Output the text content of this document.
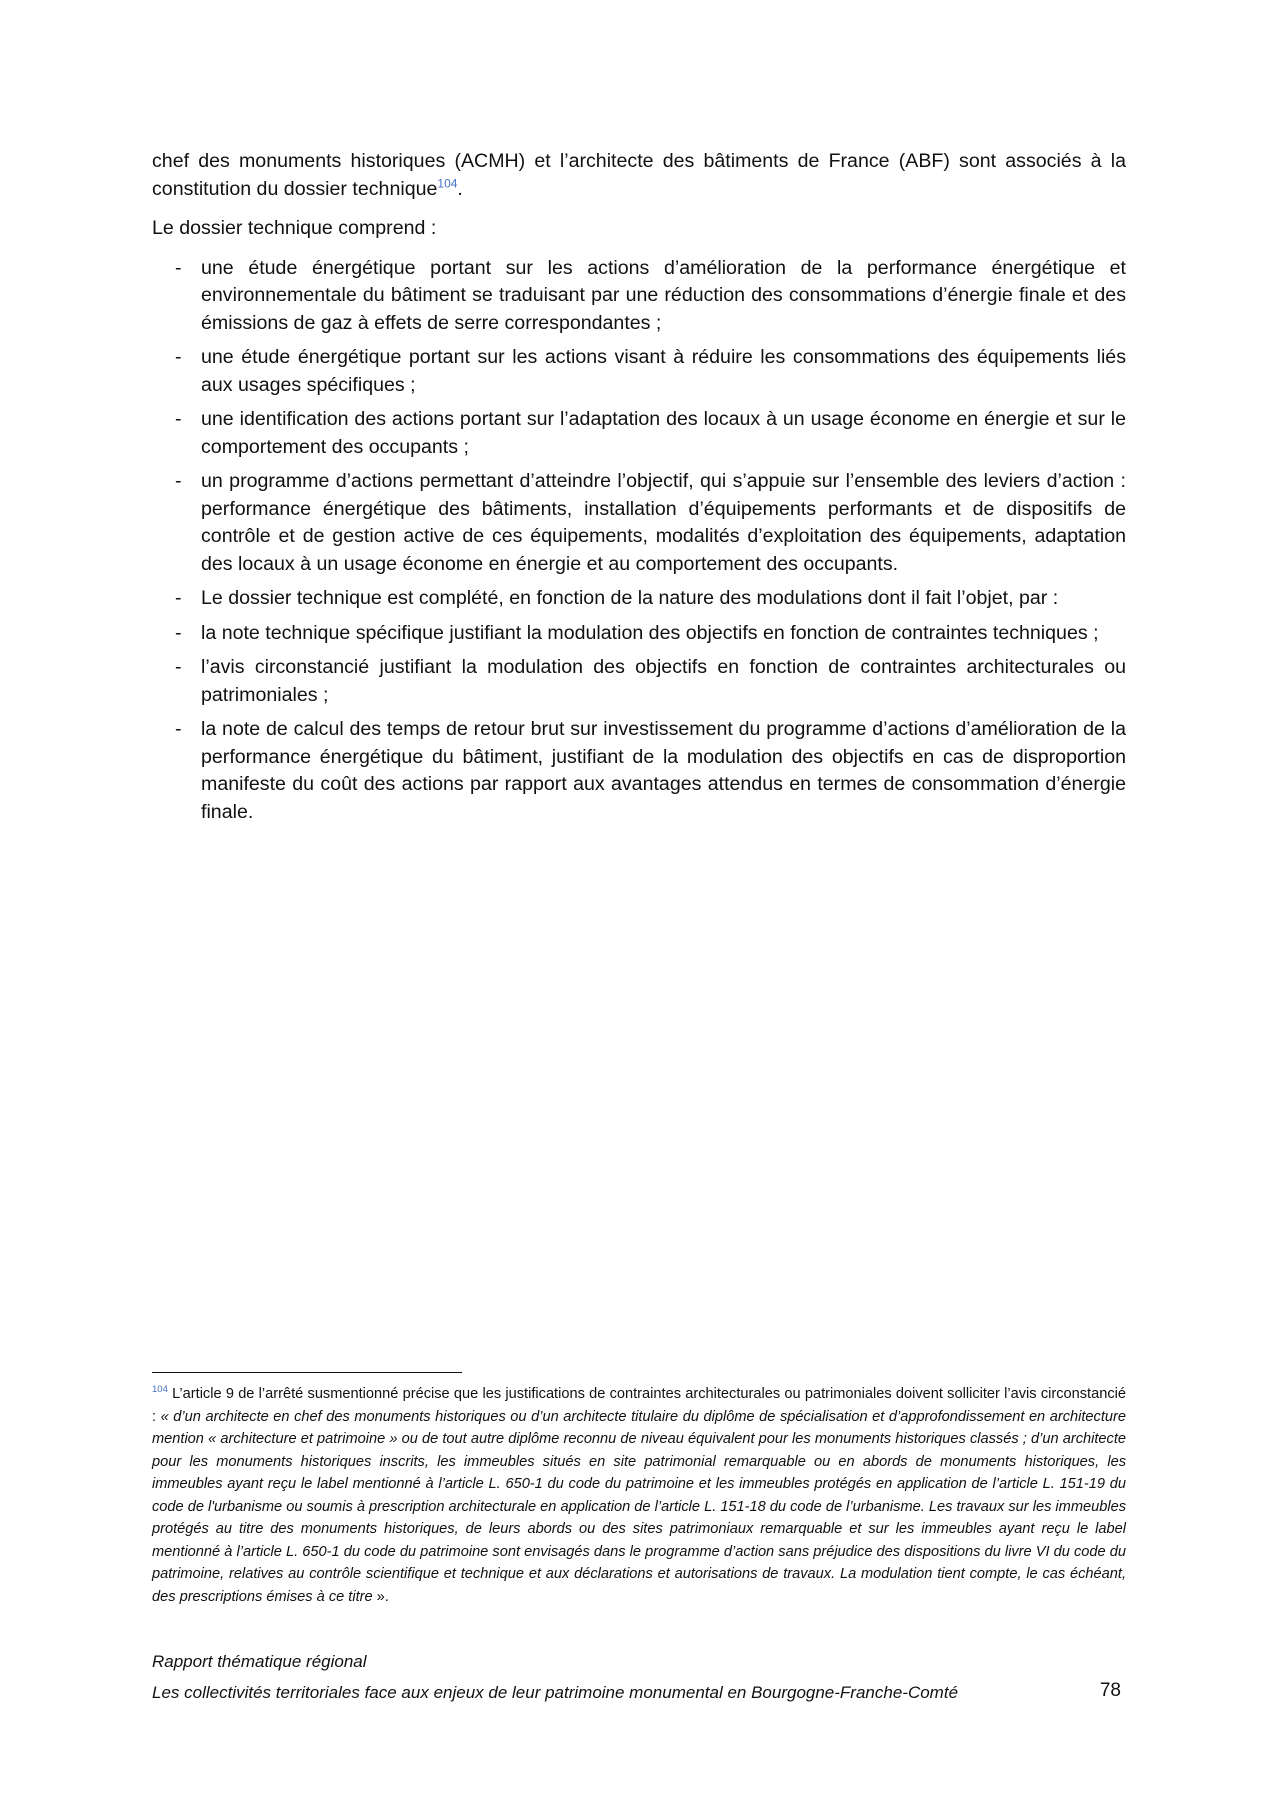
chef des monuments historiques (ACMH) et l’architecte des bâtiments de France (ABF) sont associés à la constitution du dossier technique$^{104}$.

Le dossier technique comprend :

- une étude énergétique portant sur les actions d’amélioration de la performance énergétique et environnementale du bâtiment se traduisant par une réduction des consommations d’énergie finale et des émissions de gaz à effets de serre correspondantes ;
- une étude énergétique portant sur les actions visant à réduire les consommations des équipements liés aux usages spécifiques ;
- une identification des actions portant sur l’adaptation des locaux à un usage économe en énergie et sur le comportement des occupants ;
- un programme d’actions permettant d’atteindre l’objectif, qui s’appuie sur l’ensemble des leviers d’action : performance énergétique des bâtiments, installation d’équipements performants et de dispositifs de contrôle et de gestion active de ces équipements, modalités d’exploitation des équipements, adaptation des locaux à un usage économe en énergie et au comportement des occupants.
- Le dossier technique est complété, en fonction de la nature des modulations dont il fait l’objet, par :
- la note technique spécifique justifiant la modulation des objectifs en fonction de contraintes techniques ;
- l’avis circonstancié justifiant la modulation des objectifs en fonction de contraintes architecturales ou patrimoniales ;
- la note de calcul des temps de retour brut sur investissement du programme d’actions d’amélioration de la performance énergétique du bâtiment, justifiant de la modulation des objectifs en cas de disproportion manifeste du coût des actions par rapport aux avantages attendus en termes de consommation d’énergie finale.
$^{104}$ L’article 9 de l’arrêté susmentionné précise que les justifications de contraintes architecturales ou patrimoniales doivent solliciter l’avis circonstancié : « d’un architecte en chef des monuments historiques ou d’un architecte titulaire du diplôme de spécialisation et d’approfondissement en architecture mention « architecture et patrimoine » ou de tout autre diplôme reconnu de niveau équivalent pour les monuments historiques classés ; d’un architecte pour les monuments historiques inscrits, les immeubles situés en site patrimonial remarquable ou en abords de monuments historiques, les immeubles ayant reçu le label mentionné à l’article L. 650-1 du code du patrimoine et les immeubles protégés en application de l’article L. 151-19 du code de l'urbanisme ou soumis à prescription architecturale en application de l’article L. 151-18 du code de l’urbanisme. Les travaux sur les immeubles protégés au titre des monuments historiques, de leurs abords ou des sites patrimoniaux remarquable et sur les immeubles ayant reçu le label mentionné à l’article L. 650-1 du code du patrimoine sont envisagés dans le programme d’action sans préjudice des dispositions du livre VI du code du patrimoine, relatives au contrôle scientifique et technique et aux déclarations et autorisations de travaux. La modulation tient compte, le cas échéant, des prescriptions émises à ce titre ».
Rapport thématique régional
Les collectivités territoriales face aux enjeux de leur patrimoine monumental en Bourgogne-Franche-Comté	78
